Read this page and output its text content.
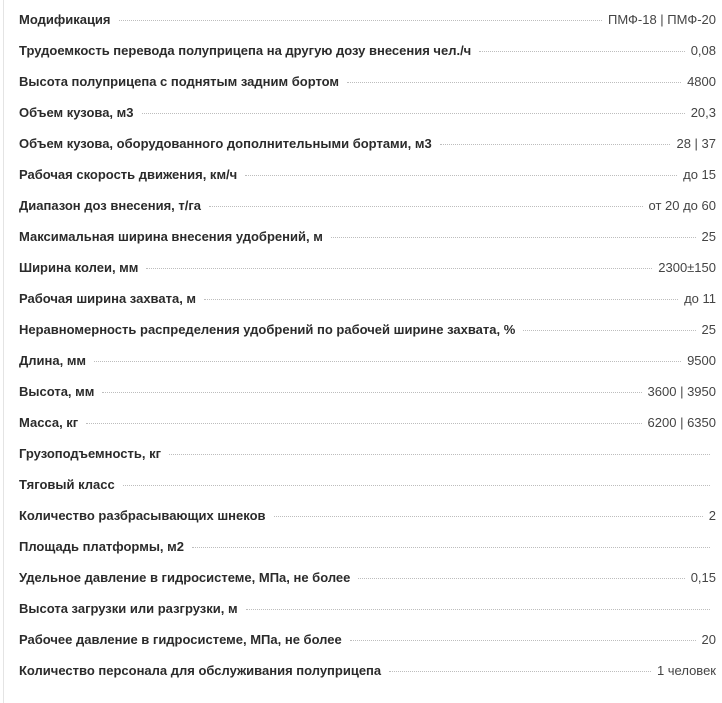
Модификация	ПМФ-18 | ПМФ-20
Трудоемкость перевода полуприцепа на другую дозу внесения чел./ч	0,08
Высота полуприцепа с поднятым задним бортом	4800
Объем кузова, м3	20,3
Объем кузова, оборудованного дополнительными бортами, м3	28 | 37
Рабочая скорость движения, км/ч	до 15
Диапазон доз внесения, т/га	от 20 до 60
Максимальная ширина внесения удобрений, м	25
Ширина колеи, мм	2300±150
Рабочая ширина захвата, м	до 11
Неравномерность распределения удобрений по рабочей ширине захвата, %	25
Длина, мм	9500
Высота, мм	3600 | 3950
Масса, кг	6200 | 6350
Грузоподъемность, кг
Тяговый класс
Количество разбрасывающих шнеков	2
Площадь платформы, м2
Удельное давление в гидросистеме, МПа, не более	0,15
Высота загрузки или разгрузки, м
Рабочее давление в гидросистеме, МПа, не более	20
Количество персонала для обслуживания полуприцепа	1 человек
